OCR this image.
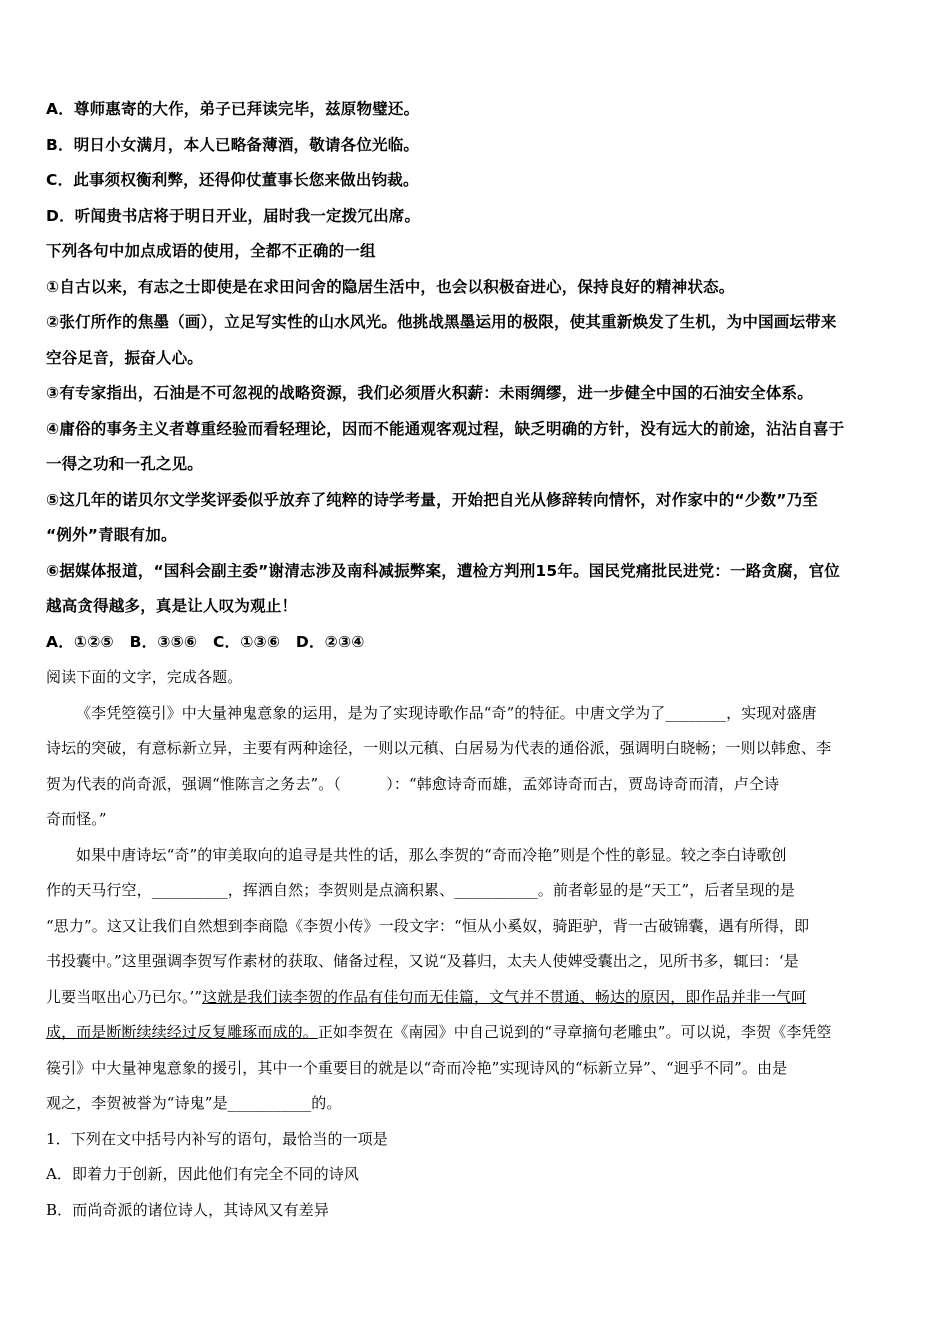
A．尊师惠寄的大作，弟子已拜读完毕，兹原物璧还。
B．明日小女满月，本人已略备薄酒，敬请各位光临。
C．此事须权衡利弊，还得仰仗董事长您来做出钧裁。
D．听闻贵书店将于明日开业，届时我一定拨冗出席。
下列各句中加点成语的使用，全都不正确的一组
①自古以来，有志之士即使是在求田问舍的隐居生活中，也会以积极奋进心，保持良好的精神状态。
②张仃所作的焦墨（画），立足写实性的山水风光。他挑战黑墨运用的极限，使其重新焕发了生机，为中国画坛带来
空谷足音，振奋人心。
③有专家指出，石油是不可忽视的战略资源，我们必须厝火积薪：未雨绸缪，进一步健全中国的石油安全体系。
④庸俗的事务主义者尊重经验而看轻理论，因而不能通观客观过程，缺乏明确的方针，没有远大的前途，沾沾自喜于
一得之功和一孔之见。
⑤这几年的诺贝尔文学奖评委似乎放弃了纯粹的诗学考量，开始把自光从修辞转向情怀，对作家中的“少数”乃至
“例外”青眼有加。
⑥据媒体报道，“国科会副主委”谢清志涉及南科减振弊案，遭检方判刑15年。国民党痛批民进党：一路贪腐，官位
越高贪得越多，真是让人叹为观止！
A．①②⑤　B．③⑤⑥　C．①③⑥　D．②③④
阅读下面的文字，完成各题。
《李凭箜篌引》中大量神鬼意象的运用，是为了实现诗歌作品“奇”的特征。中唐文学为了________，实现对盛唐
诗坛的突破，有意标新立异，主要有两种途径，一则以元稹、白居易为代表的通俗派，强调明白晓畅；一则以韩愈、李
贺为代表的尚奇派，强调“惟陈言之务去”。（　　　）：“韩愈诗奇而雄，孟郊诗奇而古，贾岛诗奇而清，卢仝诗
奇而怪。”
如果中唐诗坛“奇”的审美取向的追寻是共性的话，那么李贺的“奇而冷艳”则是个性的彰显。较之李白诗歌创
作的天马行空，__________，挥洒自然；李贺则是点滴积累、___________。前者彰显的是“天工”，后者呈现的是
“思力”。这又让我们自然想到李商隐《李贺小传》一段文字：“恒从小奚奴，骑距驴，背一古破锦囊，遇有所得，即
书投囊中。”这里强调李贺写作素材的获取、储备过程，又说“及暮归，太夫人使婢受囊出之，见所书多，辄曰：‘是
儿要当呕出心乃已尔。’”这就是我们读李贺的作品有佳句而无佳篇，文气并不贯通、畅达的原因，即作品并非一气呵
成，而是断断续续经过反复雕琢而成的。正如李贺在《南园》中自己说到的“寻章摘句老雕虫”。可以说，李贺《李凭箜
篌引》中大量神鬼意象的援引，其中一个重要目的就是以“奇而冷艳”实现诗风的“标新立异”、“迥乎不同”。由是
观之，李贺被誉为“诗鬼”是___________的。
1．下列在文中括号内补写的语句，最恰当的一项是
A．即着力于创新，因此他们有完全不同的诗风
B．而尚奇派的诸位诗人，其诗风又有差异
